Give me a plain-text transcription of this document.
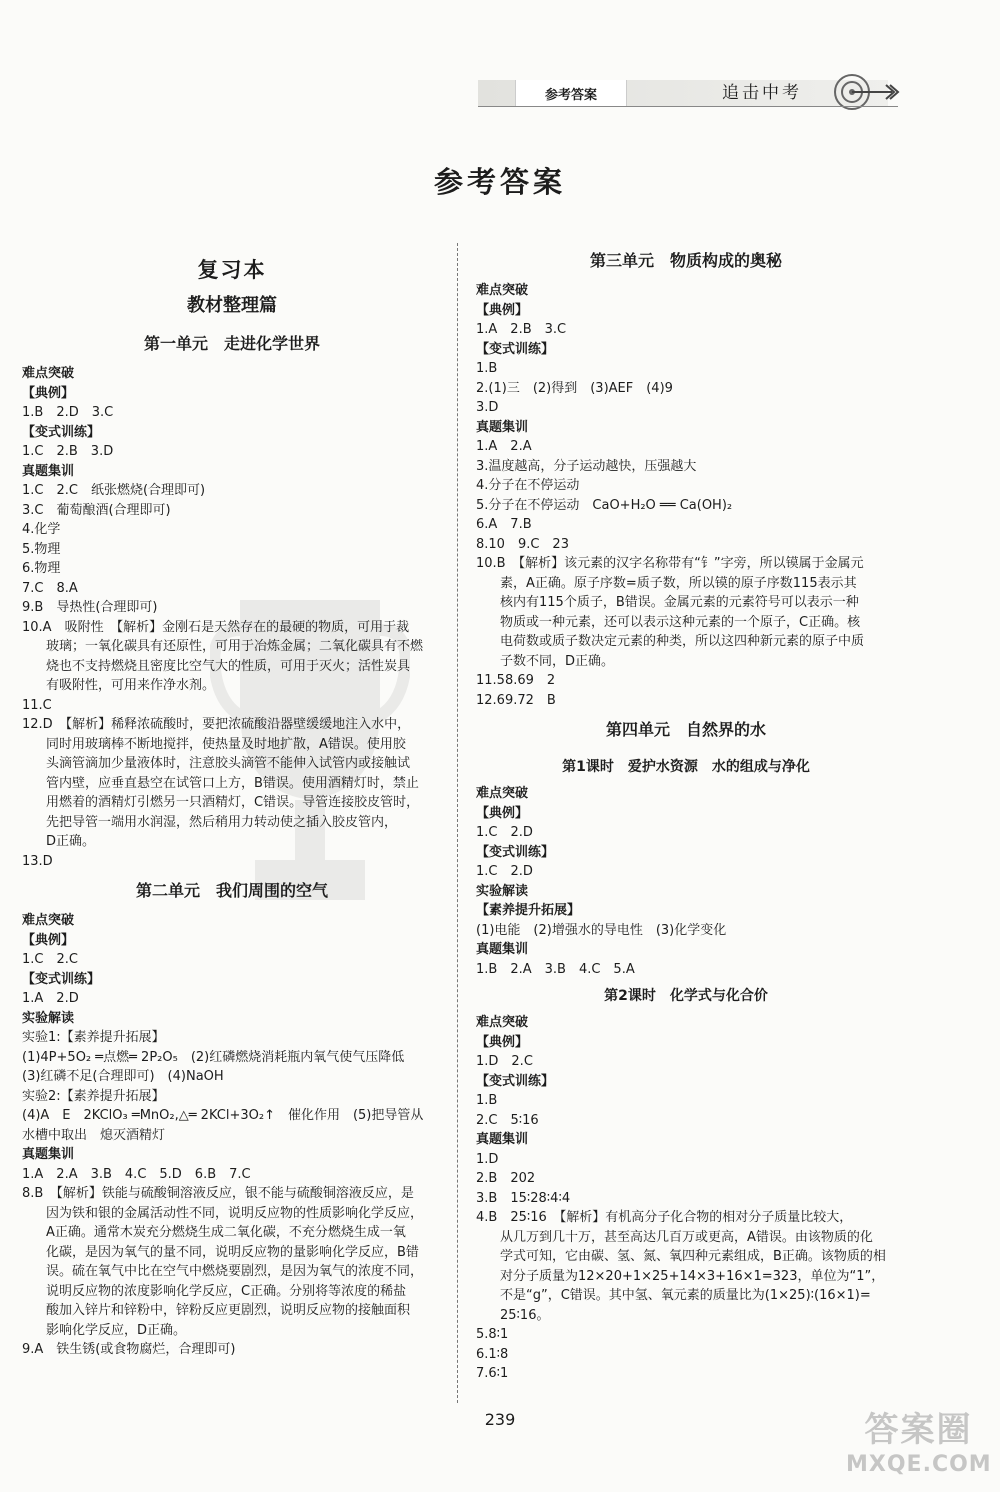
参考答案	追击中考
参考答案
复习本
教材整理篇
第一单元　走进化学世界
难点突破
【典例】
1.B　2.D　3.C
【变式训练】
1.C　2.B　3.D
真题集训
1.C　2.C　纸张燃烧(合理即可)
3.C　葡萄酿酒(合理即可)
4.化学
5.物理
6.物理
7.C　8.A
9.B　导热性(合理即可)
10.A　吸附性　【解析】金刚石是天然存在的最硬的物质，可用于裁
玻璃；一氧化碳具有还原性，可用于冶炼金属；二氧化碳具有不燃
烧也不支持燃烧且密度比空气大的性质，可用于灭火；活性炭具
有吸附性，可用来作净水剂。
11.C
12.D　【解析】稀释浓硫酸时，要把浓硫酸沿器壁缓缓地注入水中，
同时用玻璃棒不断地搅拌，使热量及时地扩散，A错误。使用胶
头滴管滴加少量液体时，注意胶头滴管不能伸入试管内或接触试
管内壁，应垂直悬空在试管口上方，B错误。使用酒精灯时，禁止
用燃着的酒精灯引燃另一只酒精灯，C错误。导管连接胶皮管时，
先把导管一端用水润湿，然后稍用力转动使之插入胶皮管内，
D正确。
13.D
第二单元　我们周围的空气
难点突破
【典例】
1.C　2.C
【变式训练】
1.A　2.D
实验解读
实验1:【素养提升拓展】
(1)4P+5O₂ ═点燃═ 2P₂O₅　(2)红磷燃烧消耗瓶内氧气使气压降低
(3)红磷不足(合理即可)　(4)NaOH
实验2:【素养提升拓展】
(4)A　E　2KClO₃ ═MnO₂,△═ 2KCl+3O₂↑　催化作用　(5)把导管从
水槽中取出　熄灭酒精灯
真题集训
1.A　2.A　3.B　4.C　5.D　6.B　7.C
8.B　【解析】铁能与硫酸铜溶液反应，银不能与硫酸铜溶液反应，是
因为铁和银的金属活动性不同，说明反应物的性质影响化学反应，
A正确。通常木炭充分燃烧生成二氧化碳，不充分燃烧生成一氧
化碳，是因为氧气的量不同，说明反应物的量影响化学反应，B错
误。硫在氧气中比在空气中燃烧要剧烈，是因为氧气的浓度不同，
说明反应物的浓度影响化学反应，C正确。分别将等浓度的稀盐
酸加入锌片和锌粉中，锌粉反应更剧烈，说明反应物的接触面积
影响化学反应，D正确。
9.A　铁生锈(或食物腐烂，合理即可)
第三单元　物质构成的奥秘
难点突破
【典例】
1.A　2.B　3.C
【变式训练】
1.B
2.(1)三　(2)得到　(3)AEF　(4)9
3.D
真题集训
1.A　2.A
3.温度越高，分子运动越快，压强越大
4.分子在不停运动
5.分子在不停运动　CaO+H₂O ══ Ca(OH)₂
6.A　7.B
8.10　9.C　23
10.B　【解析】该元素的汉字名称带有“钅”字旁，所以镆属于金属元
素，A正确。原子序数=质子数，所以镆的原子序数115表示其
核内有115个质子，B错误。金属元素的元素符号可以表示一种
物质或一种元素，还可以表示这种元素的一个原子，C正确。核
电荷数或质子数决定元素的种类，所以这四种新元素的原子中质
子数不同，D正确。
11.58.69　2
12.69.72　B
第四单元　自然界的水
第1课时　爱护水资源　水的组成与净化
难点突破
【典例】
1.C　2.D
【变式训练】
1.C　2.D
实验解读
【素养提升拓展】
(1)电能　(2)增强水的导电性　(3)化学变化
真题集训
1.B　2.A　3.B　4.C　5.A
第2课时　化学式与化合价
难点突破
【典例】
1.D　2.C
【变式训练】
1.B
2.C　5∶16
真题集训
1.D
2.B　202
3.B　15∶28∶4∶4
4.B　25∶16　【解析】有机高分子化合物的相对分子质量比较大，
从几万到几十万，甚至高达几百万或更高，A错误。由该物质的化
学式可知，它由碳、氢、氮、氧四种元素组成，B正确。该物质的相
对分子质量为12×20+1×25+14×3+16×1=323，单位为“1”，
不是“g”，C错误。其中氢、氧元素的质量比为(1×25)∶(16×1)=
25∶16。
5.8∶1
6.1∶8
7.6∶1
239	答案圈
MXQE.COM
